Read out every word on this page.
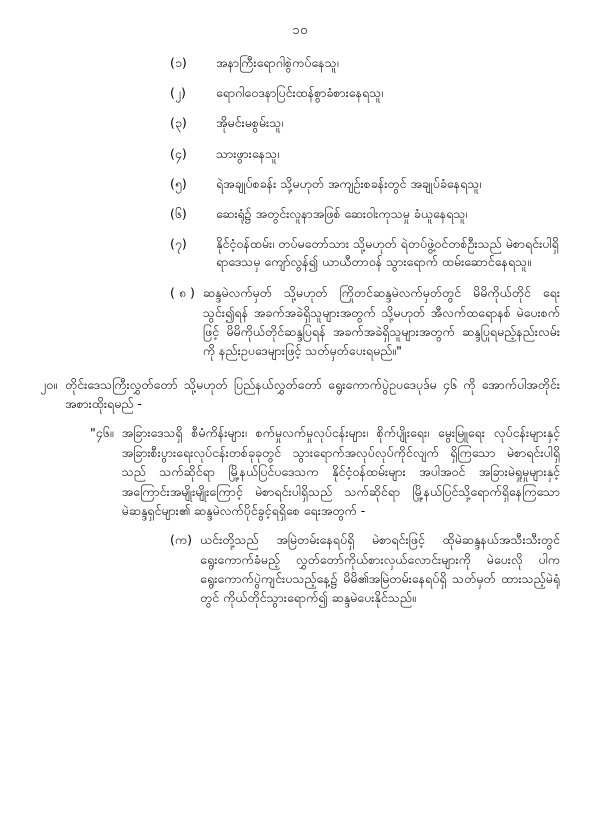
၁၀
(၁)	အနာကြီးရောဂါစွဲကပ်နေသူ၊
(၂)	ရောဂါဝေဒနာပြင်းထန်စွာခံစားနေရသူ၊
(၃)	အိုမင်းမစွမ်းသူ၊
(၄)	သားဖွားနေသူ၊
(၅)	ရဲအချုပ်စခန်း သို့မဟုတ် အကျဉ်းစခန်းတွင် အချုပ်ခံနေရသူ၊
(၆)	ဆေးရုံ၌ အတွင်းလူနာအဖြစ် ဆေးဝါးကုသမှု ခံယူနေရသူ၊
(၇)	နိုင်ငံ့ဝန်ထမ်း၊ တပ်မတော်သား သို့မဟုတ် ရဲတပ်ဖွဲ့ဝင်တစ်ဦးသည် မဲစာရင်းပါရှိရာဒေသမှ ကျော်လွန်၍ ယာယီတာဝန် သွားရောက် ထမ်းဆောင်နေရသူ။
( ၈ ) ဆန္ဒမဲလက်မှတ် သို့မဟုတ် ကြိုတင်ဆန္ဒမဲလက်မှတ်တွင် မိမိကိုယ်တိုင် ရေးသွင်း၍ရန် အခက်အခဲရှိသူများအတွက် သို့မဟုတ် အီလက်ထရောနစ် မဲပေးစက်ဖြင့် မိမိကိုယ်တိုင်ဆန္ဒပြရန် အခက်အခဲရှိသူများအတွက် ဆန္ဒပြုရမည့်နည်းလမ်းကို နည်းဥပဒေများဖြင့် သတ်မှတ်ပေးရမည်။"
၂၀။ တိုင်းဒေသကြီးလွှတ်တော် သို့မဟုတ် ပြည်နယ်လွှတ်တော် ရွေးကောက်ပွဲဥပဒေပုဒ်မ ၄၆ ကို အောက်ပါအတိုင်း အစားထိုးရမည် -
"၄၆။ အခြားဒေသရှိ စီမံကိန်းများ၊ စက်မှုလက်မှုလုပ်ငန်းများ၊ စိုက်ပျိုးရေး၊ မွေးမြူရေး လုပ်ငန်းများနှင့် အခြားစီးပွားရေးလုပ်ငန်းတစ်ခုခုတွင် သွားရောက်အလုပ်လုပ်ကိုင်လျက် ရှိကြသော မဲစာရင်းပါရှိသည် သက်ဆိုင်ရာ မြို့နယ်ပြင်ပဒေသက နိုင်ငံ့ဝန်ထမ်းများ အပါအဝင် အခြားမဲရှုမှုများနှင့် အကြောင်းအမျိုးမျိုးကြောင့် မဲစာရင်းပါရှိသည် သက်ဆိုင်ရာ မြို့နယ်ပြင်သို့ရောက်ရှိနေကြသော မဲဆန္ဒရှင်များ၏ ဆန္ဒမဲလက်ပိုင်ခွင့်ရရှိစေ ရေးအတွက် -
(က) ယင်းတို့သည် အမြဲတမ်းနေရပ်ရှိ မဲစာရင်းဖြင့် ထိုမဲဆန္ဒနယ်အသီးသီးတွင် ရွေးကောက်ခံမည့် လွှတ်တော်ကိုယ်စားလှယ်လောင်းများကို မဲပေးလို ပါက ရွေးကောက်ပွဲကျင်းပသည့်နေ့၌ မိမိ၏အမြဲတမ်းနေရပ်ရှိ သတ်မှတ် ထားသည့်မဲရုံတွင် ကိုယ်တိုင်သွားရောက်၍ ဆန္ဒမဲပေးနိုင်သည်။
